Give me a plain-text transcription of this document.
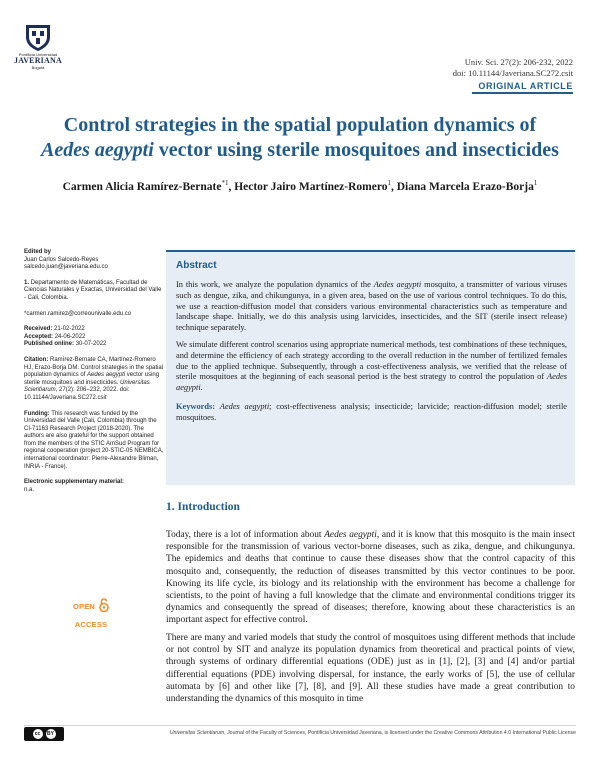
Pontificia Universidad
JAVERIANA
Bogotá
Univ. Sci. 27(2): 206-232, 2022
doi: 10.11144/Javeriana.SC272.csit
ORIGINAL ARTICLE
Control strategies in the spatial population dynamics of
Aedes aegypti vector using sterile mosquitoes and insecticides
Carmen Alicia Ramírez-Bernate$^{*1}$, Hector Jairo Martínez-Romero$^1$, Diana Marcela Erazo-Borja$^1$
Edited by
Juan Carlos Salcedo-Reyes
salcedo.juan@javeriana.edu.co
1. Departamento de Matemáticas, Facultad de Ciencias Naturales y Exactas, Universidad del Valle - Cali, Colombia.
*carmen.ramirez@correounivalle.edu.co
Received: 21-02-2022
Accepted: 24-06-2022
Published online: 30-07-2022
Citation: Ramírez-Bernate CA, Martínez-Romero HJ, Erazo-Borja DM. Control strategies in the spatial population dynamics of Aedes aegypti vector using sterile mosquitoes and insecticides. Universitas Scientiarum, 27(2): 206–232, 2022. doi: 10.11144/Javeriana.SC272.csit
Funding: This research was funded by the Universidad del Valle (Cali, Colombia) through the CI-71163 Research Project (2018-2020). The authors are also grateful for the support obtained from the members of the STIC AmSud Program for regional cooperation (project 20-STIC-05 NEMBICA, international coordinator: Pierre-Alexandre Bliman, INRIA - France).
Electronic supplementary material:
n.a.
OPEN  ACCESS
Abstract

In this work, we analyze the population dynamics of the Aedes aegypti mosquito, a transmitter of various viruses such as dengue, zika, and chikungunya, in a given area, based on the use of various control techniques. To do this, we use a reaction-diffusion model that considers various environmental characteristics such as temperature and landscape shape. Initially, we do this analysis using larvicides, insecticides, and the SIT (sterile insect release) technique separately.

We simulate different control scenarios using appropriate numerical methods, test combinations of these techniques, and determine the efficiency of each strategy according to the overall reduction in the number of fertilized females due to the applied technique. Subsequently, through a cost-effectiveness analysis, we verified that the release of sterile mosquitoes at the beginning of each seasonal period is the best strategy to control the population of Aedes aegypti.

Keywords: Aedes aegypti; cost-effectiveness analysis; insecticide; larvicide; reaction-diffusion model; sterile mosquitoes.

1. Introduction
Today, there is a lot of information about Aedes aegypti, and it is know that this mosquito is the main insect responsible for the transmission of various vector-borne diseases, such as zika, dengue, and chikungunya. The epidemics and deaths that continue to cause these diseases show that the control capacity of this mosquito and, consequently, the reduction of diseases transmitted by this vector continues to be poor. Knowing its life cycle, its biology and its relationship with the environment has become a challenge for scientists, to the point of having a full knowledge that the climate and environmental conditions trigger its dynamics and consequently the spread of diseases; therefore, knowing about these characteristics is an important aspect for effective control.
There are many and varied models that study the control of mosquitoes using different methods that include or not control by SIT and analyze its population dynamics from theoretical and practical points of view, through systems of ordinary differential equations (ODE) just as in [1], [2], [3] and [4] and/or partial differential equations (PDE) involving dispersal, for instance, the early works of [5], the use of cellular automata by [6] and other like [7], [8], and [9]. All these studies have made a great contribution to understanding the dynamics of this mosquito in time
cc	BY	Universitas Scientiarum, Journal of the Faculty of Sciences, Pontificia Universidad Javeriana, is licensed under the Creative Commons Attribution 4.0 International Public License
